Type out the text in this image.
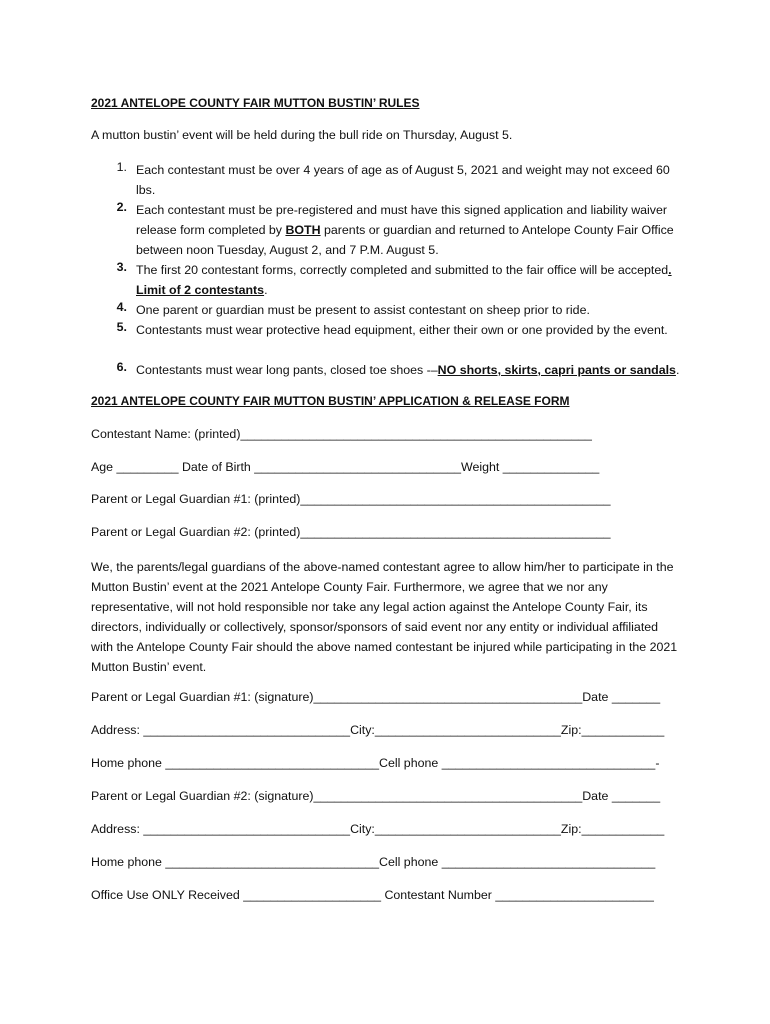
2021 ANTELOPE COUNTY FAIR MUTTON BUSTIN’ RULES
A mutton bustin’ event will be held during the bull ride on Thursday, August 5.
1. Each contestant must be over 4 years of age as of August 5, 2021 and weight may not exceed 60 lbs.
2. Each contestant must be pre-registered and must have this signed application and liability waiver release form completed by BOTH parents or guardian and returned to Antelope County Fair Office between noon Tuesday, August 2, and 7 P.M. August 5.
3. The first 20 contestant forms, correctly completed and submitted to the fair office will be accepted. Limit of 2 contestants.
4. One parent or guardian must be present to assist contestant on sheep prior to ride.
5. Contestants must wear protective head equipment, either their own or one provided by the event.
6. Contestants must wear long pants, closed toe shoes -–NO shorts, skirts, capri pants or sandals.
2021 ANTELOPE COUNTY FAIR MUTTON BUSTIN’ APPLICATION & RELEASE FORM
Contestant Name: (printed)___________________________________________________
Age _________ Date of Birth ______________________________Weight ______________
Parent or Legal Guardian #1: (printed)_____________________________________________
Parent or Legal Guardian #2: (printed)_____________________________________________
We, the parents/legal guardians of the above-named contestant agree to allow him/her to participate in the Mutton Bustin’ event at the 2021 Antelope County Fair. Furthermore, we agree that we nor any representative, will not hold responsible nor take any legal action against the Antelope County Fair, its directors, individually or collectively, sponsor/sponsors of said event nor any entity or individual affiliated with the Antelope County Fair should the above named contestant be injured while participating in the 2021 Mutton Bustin’ event.
Parent or Legal Guardian #1: (signature)_______________________________________Date _______
Address: ______________________________City:___________________________Zip:____________
Home phone _______________________________Cell phone _______________________________-
Parent or Legal Guardian #2: (signature)_______________________________________Date _______
Address: ______________________________City:___________________________Zip:____________
Home phone _______________________________Cell phone _______________________________
Office Use ONLY Received ____________________ Contestant Number _______________________
